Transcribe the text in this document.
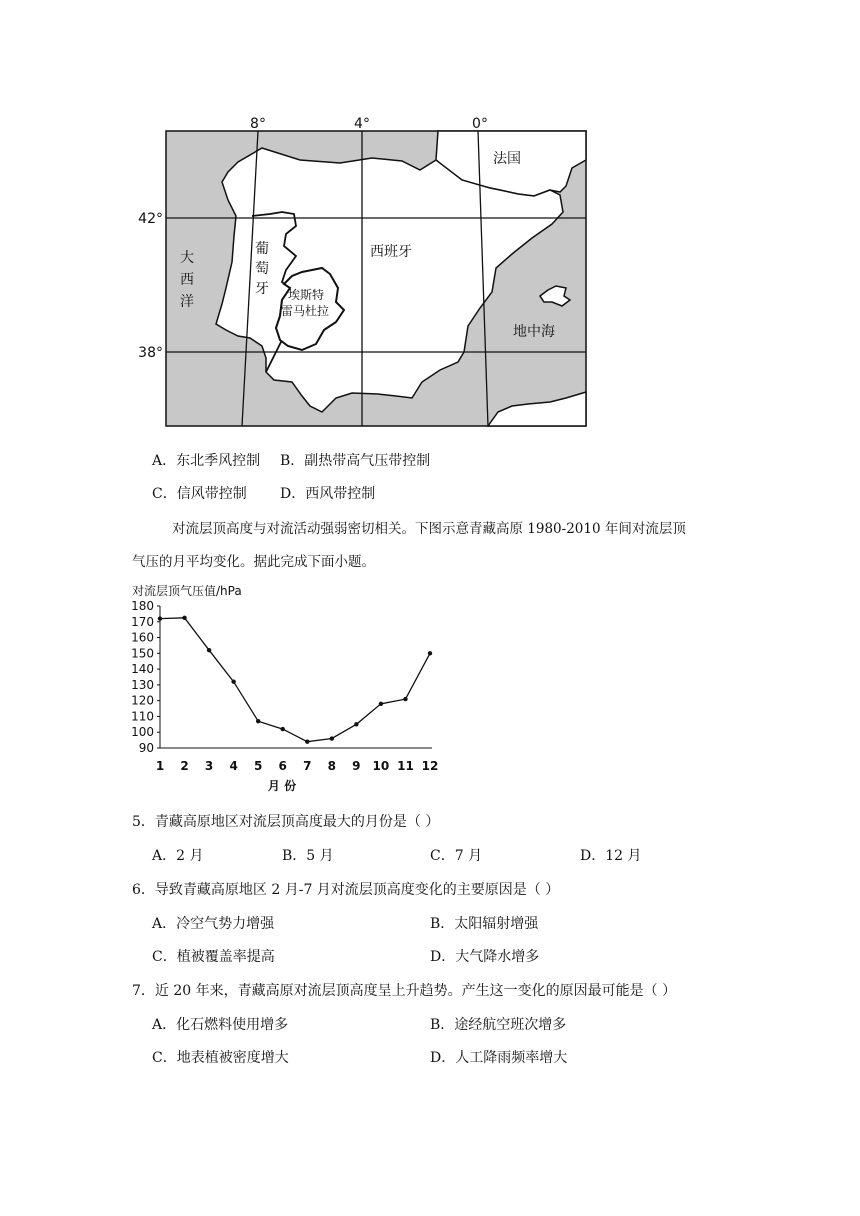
8°	4°	0°
42°
38°
法国
葡
萄
牙
西班牙
大
西
洋	埃斯特
雷马杜拉
地中海
A．东北季风控制 B．副热带高气压带控制
C．信风带控制 D．西风带控制
对流层顶高度与对流活动强弱密切相关。下图示意青藏高原 1980-2010 年间对流层顶
气压的月平均变化。据此完成下面小题。
对流层顶气压值/hPa
90
100
110
120
130
140
150
160
170
180
1 2 3 4 5 6 7 8 9 10 11 12
月 份
5．青藏高原地区对流层顶高度最大的月份是（ ）
A．2 月	B．5 月	C．7 月	D．12 月
6．导致青藏高原地区 2 月-7 月对流层顶高度变化的主要原因是（ ）
A．冷空气势力增强	B．太阳辐射增强
C．植被覆盖率提高	D．大气降水增多
7．近 20 年来，青藏高原对流层顶高度呈上升趋势。产生这一变化的原因最可能是（ ）
A．化石燃料使用增多	B．途经航空班次增多
C．地表植被密度增大	D．人工降雨频率增大
